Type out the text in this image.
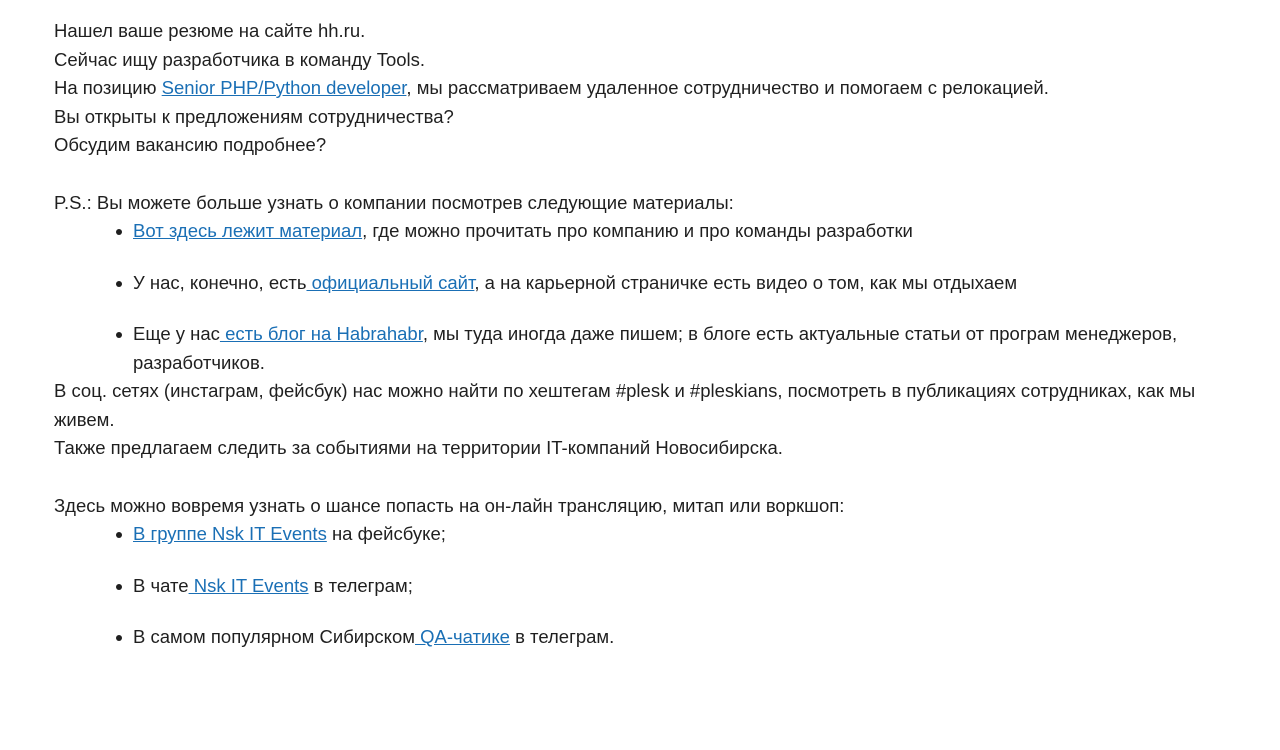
Нашел ваше резюме на сайте hh.ru.

Сейчас ищу разработчика в команду Tools.

На позицию Senior PHP/Python developer, мы рассматриваем удаленное сотрудничество и помогаем с релокацией.

Вы открыты к предложениям сотрудничества?

Обсудим вакансию подробнее?

P.S.: Вы можете больше узнать о компании посмотрев следующие материалы:

Вот здесь лежит материал, где можно прочитать про компанию и про команды разработки
У нас, конечно, есть официальный сайт, а на карьерной страничке есть видео о том, как мы отдыхаем
Еще у нас есть блог на Habrahabr, мы туда иногда даже пишем; в блоге есть актуальные статьи от програм менеджеров, разработчиков.

В соц. сетях (инстаграм, фейсбук) нас можно найти по хештегам #plesk и #pleskians, посмотреть в публикациях сотрудниках, как мы живем.

Также предлагаем следить за событиями на территории IT-компаний Новосибирска.

Здесь можно вовремя узнать о шансе попасть на он-лайн трансляцию, митап или воркшоп:

В группе Nsk IT Events на фейсбуке;
В чате Nsk IT Events в телеграм;
В самом популярном Сибирском QA-чатике в телеграм.
